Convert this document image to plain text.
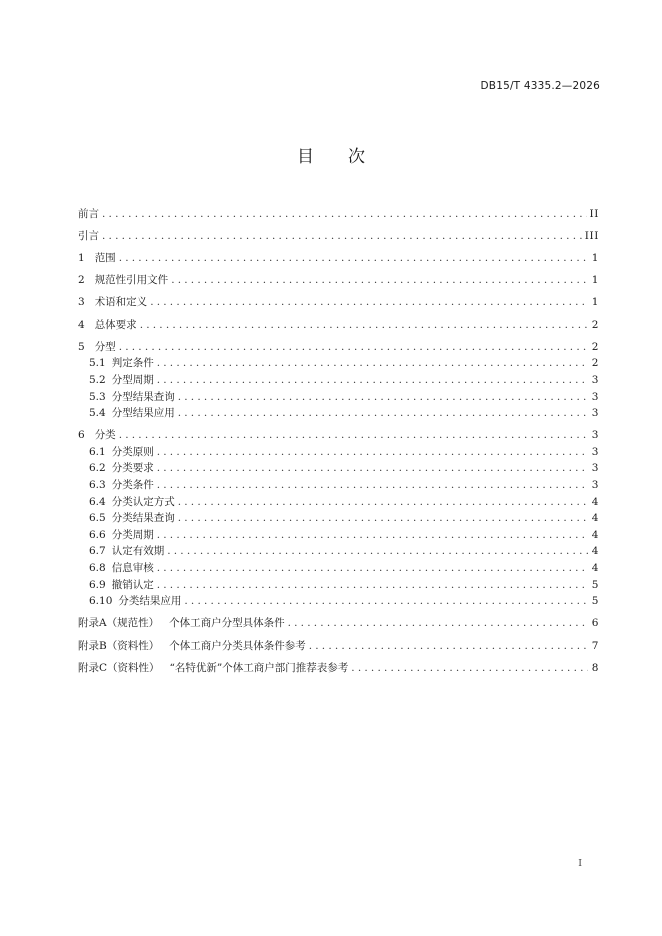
DB15/T 4335.2—2026
目次
前言 .....	II
引言 .....	III
1 范围 .....	1
2 规范性引用文件 .....	1
3 术语和定义 .....	1
4 总体要求 .....	2
5 分型 .....	2
5.1 判定条件 .....	2
5.2 分型周期 .....	3
5.3 分型结果查询 .....	3
5.4 分型结果应用 .....	3
6 分类 .....	3
6.1 分类原则 .....	3
6.2 分类要求 .....	3
6.3 分类条件 .....	3
6.4 分类认定方式 .....	4
6.5 分类结果查询 .....	4
6.6 分类周期 .....	4
6.7 认定有效期 .....	4
6.8 信息审核 .....	4
6.9 撤销认定 .....	5
6.10 分类结果应用 .....	5
附录A（规范性） 个体工商户分型具体条件 .....	6
附录B（资料性） 个体工商户分类具体条件参考 .....	7
附录C（资料性） “名特优新”个体工商户部门推荐表参考 .....	8
I
